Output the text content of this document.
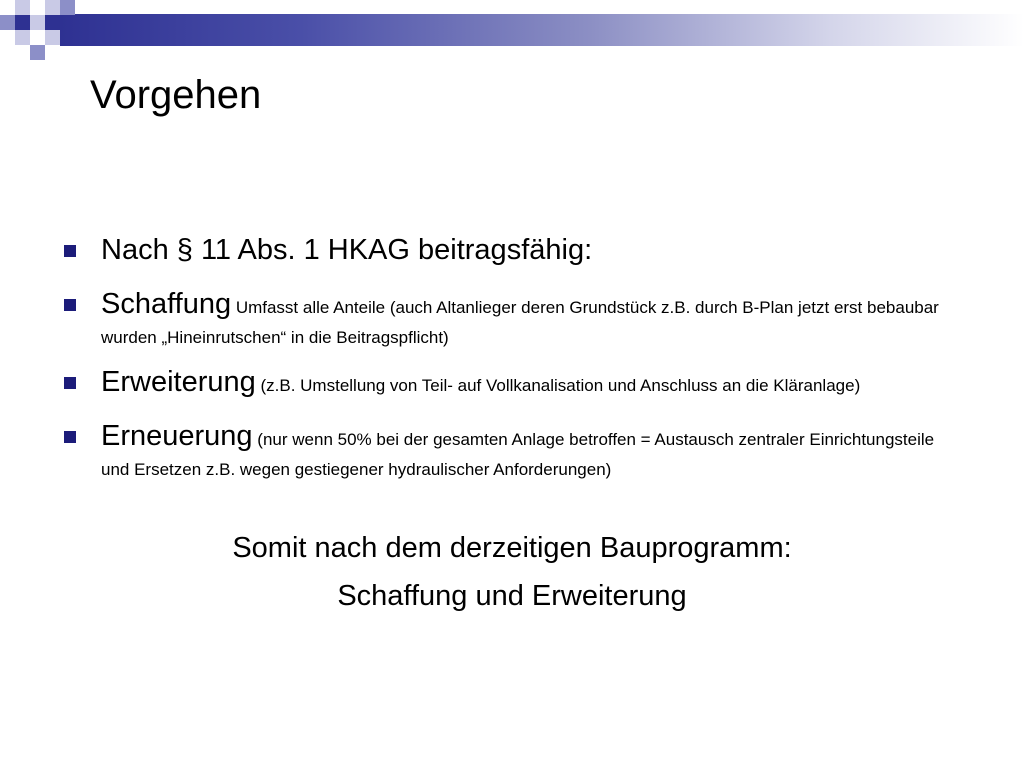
Vorgehen
Nach § 11 Abs. 1 HKAG beitragsfähig:
Schaffung Umfasst alle Anteile (auch Altanlieger deren Grundstück z.B. durch B-Plan jetzt erst bebaubar wurden „Hineinrutschen“ in die Beitragspflicht)
Erweiterung (z.B. Umstellung von Teil- auf Vollkanalisation und Anschluss an die Kläranlage)
Erneuerung (nur wenn 50% bei der gesamten Anlage betroffen = Austausch zentraler Einrichtungsteile und Ersetzen z.B. wegen gestiegener hydraulischer Anforderungen)
Somit nach dem derzeitigen Bauprogramm:
Schaffung und Erweiterung
